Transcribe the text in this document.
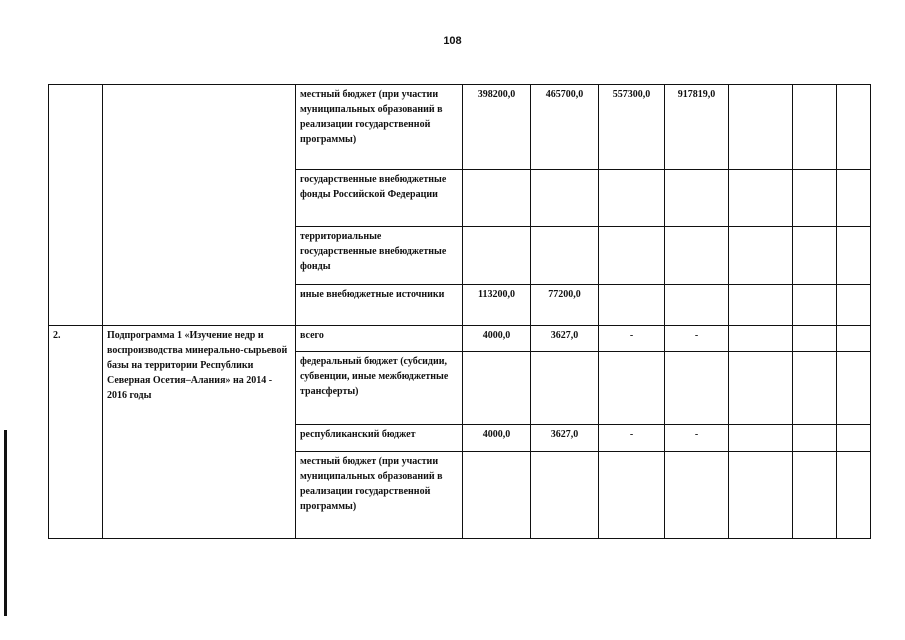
108
		местный бюджет (при участии муниципальных образований в реализации государственной программы)	398200,0	465700,0	557300,0	917819,0			
		государственные внебюджетные фонды Российской Федерации							
		территориальные государственные внебюджетные фонды							
		иные внебюджетные источники	113200,0	77200,0					
2.	Подпрограмма 1 «Изучение недр и воспроизводства минерально-сырьевой базы на территории Республики Северная Осетия–Алания» на 2014 - 2016 годы	всего	4000,0	3627,0	-	-			
		федеральный бюджет (субсидии, субвенции, иные межбюджетные трансферты)							
		республиканский бюджет	4000,0	3627,0	-	-			
		местный бюджет (при участии муниципальных образований в реализации государственной программы)							
